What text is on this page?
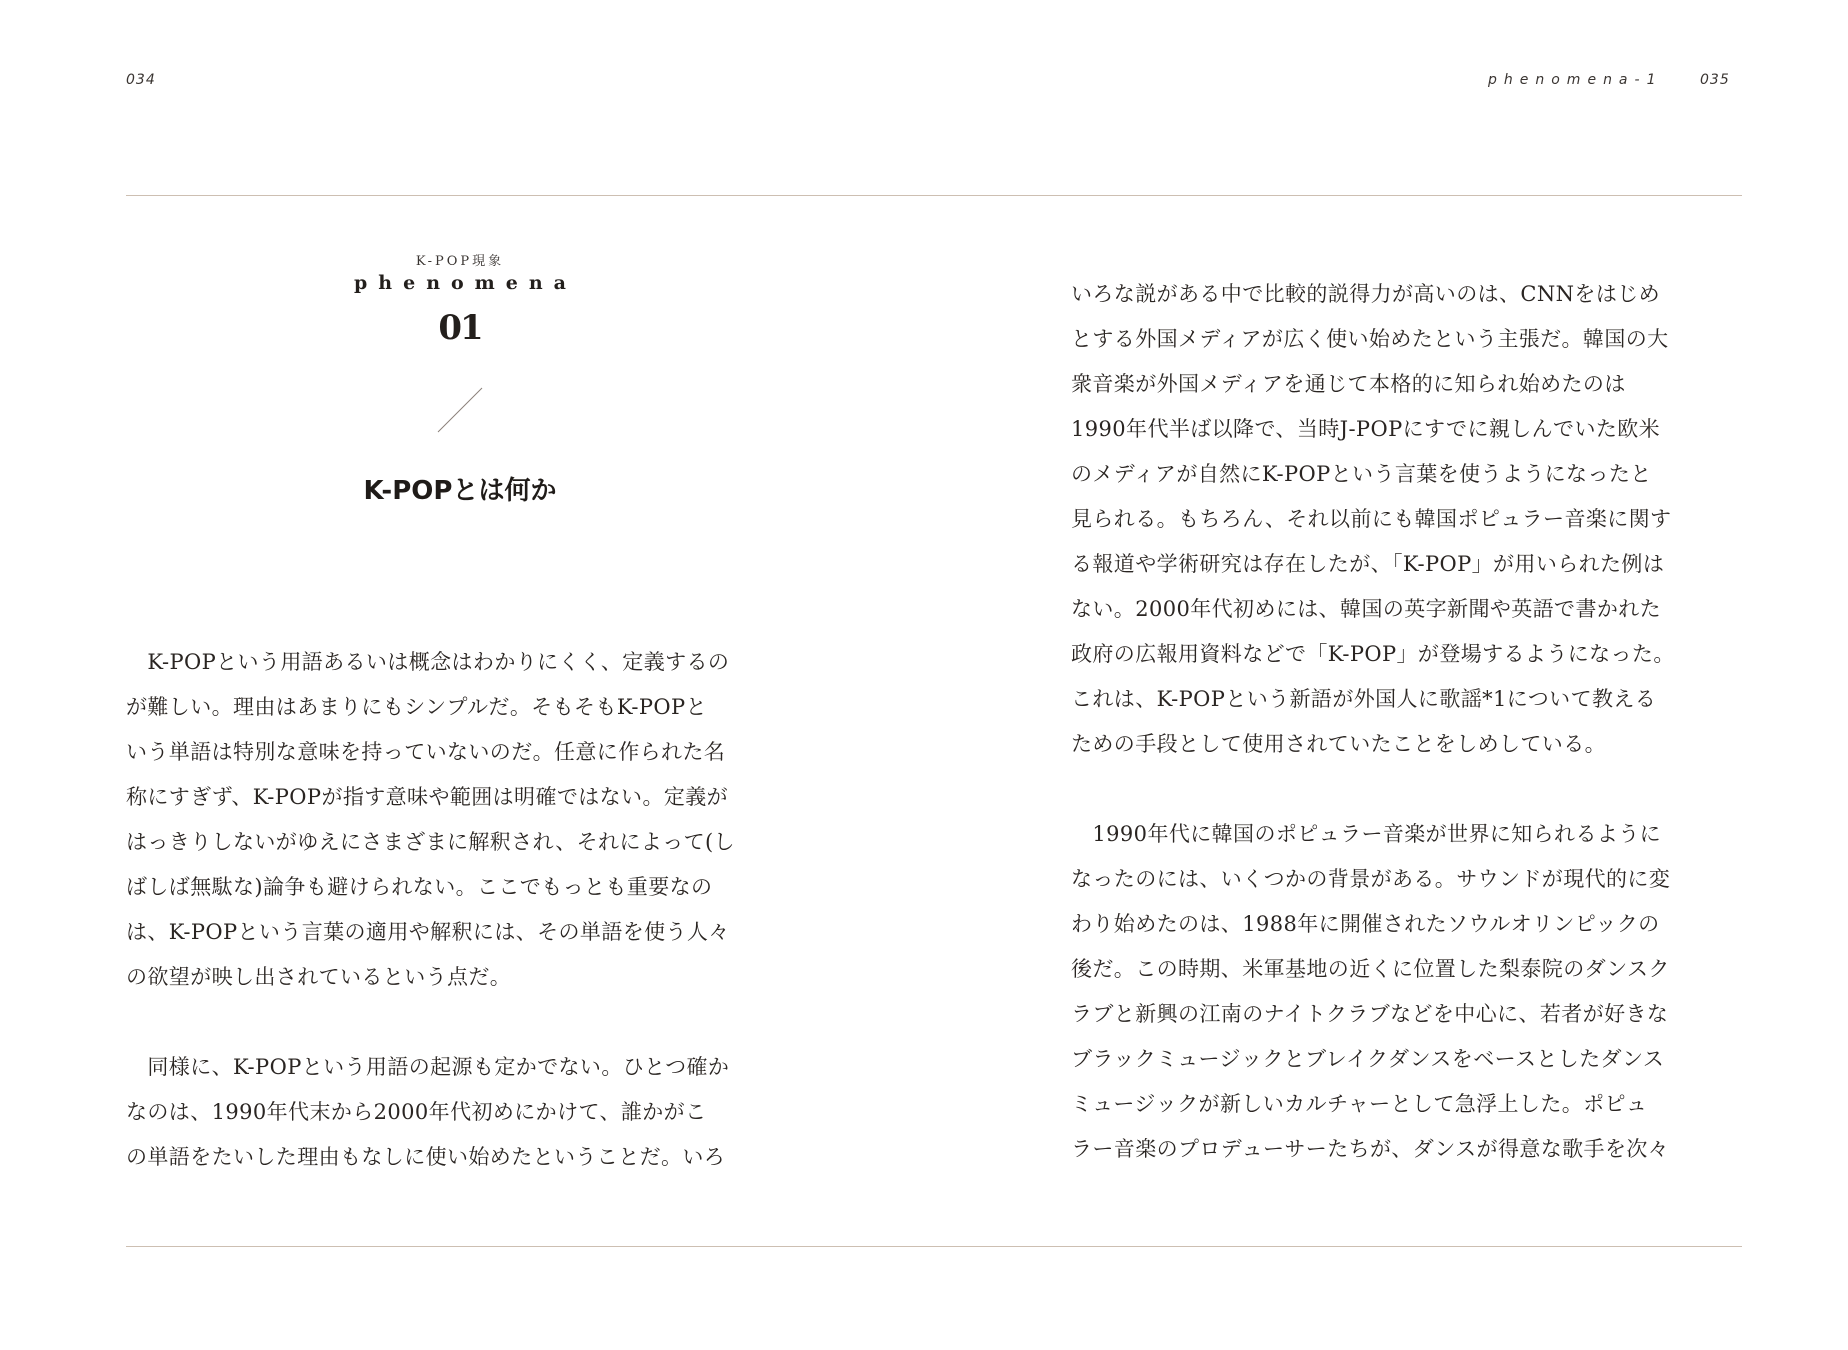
034	phenomena-1	035
K-POP現象
phenomena
01
K-POPとは何か
　K-POPという用語あるいは概念はわかりにくく、定義するの
が難しい。理由はあまりにもシンプルだ。そもそもK-POPと
いう単語は特別な意味を持っていないのだ。任意に作られた名
称にすぎず、K-POPが指す意味や範囲は明確ではない。定義が
はっきりしないがゆえにさまざまに解釈され、それによって(し
ばしば無駄な)論争も避けられない。ここでもっとも重要なの
は、K-POPという言葉の適用や解釈には、その単語を使う人々
の欲望が映し出されているという点だ。
　同様に、K-POPという用語の起源も定かでない。ひとつ確か
なのは、1990年代末から2000年代初めにかけて、誰かがこ
の単語をたいした理由もなしに使い始めたということだ。いろ
いろな説がある中で比較的説得力が高いのは、CNNをはじめ
とする外国メディアが広く使い始めたという主張だ。韓国の大
衆音楽が外国メディアを通じて本格的に知られ始めたのは
1990年代半ば以降で、当時J-POPにすでに親しんでいた欧米
のメディアが自然にK-POPという言葉を使うようになったと
見られる。もちろん、それ以前にも韓国ポピュラー音楽に関す
る報道や学術研究は存在したが、「K-POP」が用いられた例は
ない。2000年代初めには、韓国の英字新聞や英語で書かれた
政府の広報用資料などで「K-POP」が登場するようになった。
これは、K-POPという新語が外国人に歌謡*1について教える
ための手段として使用されていたことをしめしている。
　1990年代に韓国のポピュラー音楽が世界に知られるように
なったのには、いくつかの背景がある。サウンドが現代的に変
わり始めたのは、1988年に開催されたソウルオリンピックの
後だ。この時期、米軍基地の近くに位置した梨泰院のダンスク
ラブと新興の江南のナイトクラブなどを中心に、若者が好きな
ブラックミュージックとブレイクダンスをベースとしたダンス
ミュージックが新しいカルチャーとして急浮上した。ポピュ
ラー音楽のプロデューサーたちが、ダンスが得意な歌手を次々
